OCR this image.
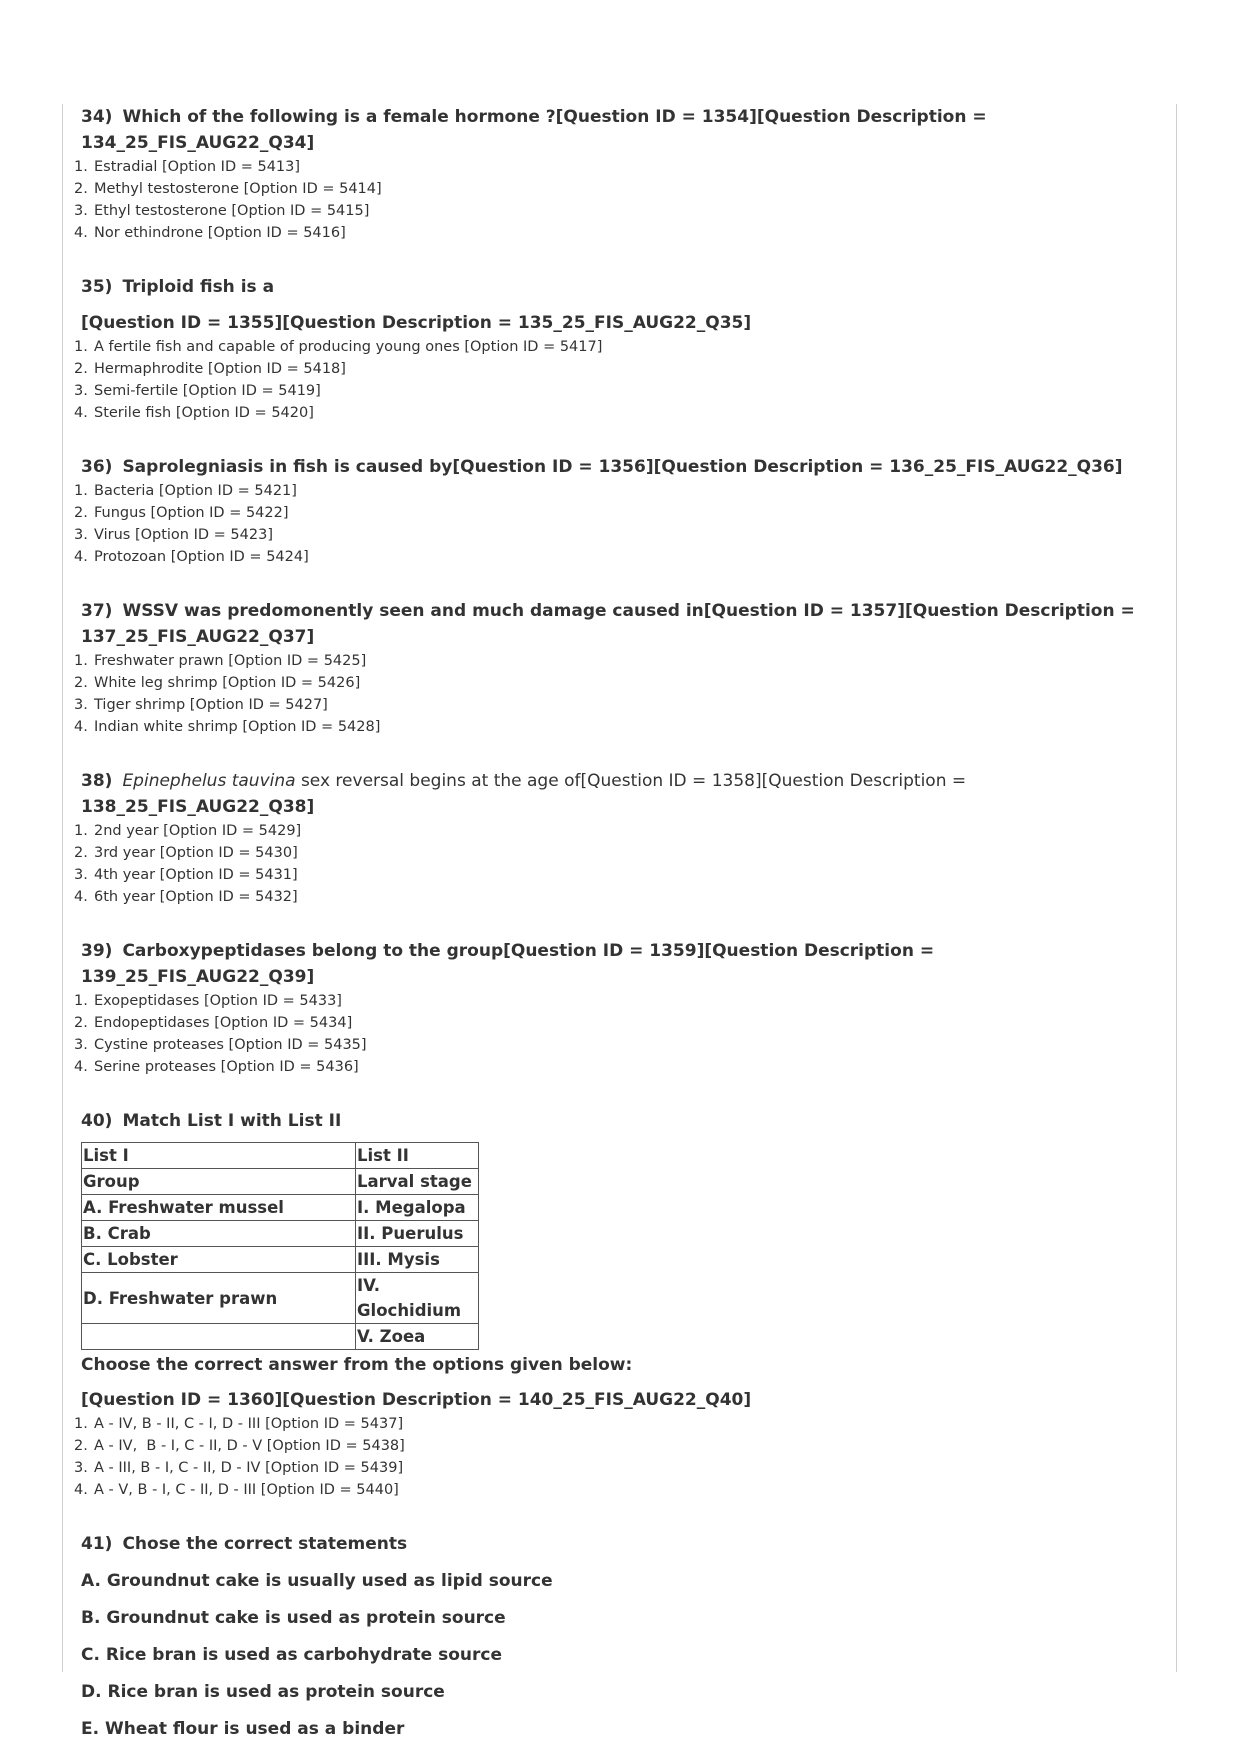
34) Which of the following is a female hormone ?[Question ID = 1354][Question Description = 134_25_FIS_AUG22_Q34]
1. Estradial [Option ID = 5413]
2. Methyl testosterone [Option ID = 5414]
3. Ethyl testosterone [Option ID = 5415]
4. Nor ethindrone [Option ID = 5416]
35) Triploid fish is a
[Question ID = 1355][Question Description = 135_25_FIS_AUG22_Q35]
1. A fertile fish and capable of producing young ones [Option ID = 5417]
2. Hermaphrodite [Option ID = 5418]
3. Semi-fertile [Option ID = 5419]
4. Sterile fish [Option ID = 5420]
36) Saprolegniasis in fish is caused by[Question ID = 1356][Question Description = 136_25_FIS_AUG22_Q36]
1. Bacteria [Option ID = 5421]
2. Fungus [Option ID = 5422]
3. Virus [Option ID = 5423]
4. Protozoan [Option ID = 5424]
37) WSSV was predomonently seen and much damage caused in[Question ID = 1357][Question Description =
137_25_FIS_AUG22_Q37]
1. Freshwater prawn [Option ID = 5425]
2. White leg shrimp [Option ID = 5426]
3. Tiger shrimp [Option ID = 5427]
4. Indian white shrimp [Option ID = 5428]
38) Epinephelus tauvina sex reversal begins at the age of[Question ID = 1358][Question Description =
138_25_FIS_AUG22_Q38]
1. 2nd year [Option ID = 5429]
2. 3rd year [Option ID = 5430]
3. 4th year [Option ID = 5431]
4. 6th year [Option ID = 5432]
39) Carboxypeptidases belong to the group[Question ID = 1359][Question Description = 139_25_FIS_AUG22_Q39]
1. Exopeptidases [Option ID = 5433]
2. Endopeptidases [Option ID = 5434]
3. Cystine proteases [Option ID = 5435]
4. Serine proteases [Option ID = 5436]
40) Match List I with List II
List I	List II
Group	Larval stage
A. Freshwater mussel	I. Megalopa
B. Crab	II. Puerulus
C. Lobster	III. Mysis
D. Freshwater prawn	IV. Glochidium
	V. Zoea
Choose the correct answer from the options given below:
[Question ID = 1360][Question Description = 140_25_FIS_AUG22_Q40]
1. A - IV, B - II, C - I, D - III [Option ID = 5437]
2. A - IV,  B - I, C - II, D - V [Option ID = 5438]
3. A - III, B - I, C - II, D - IV [Option ID = 5439]
4. A - V, B - I, C - II, D - III [Option ID = 5440]
41) Chose the correct statements
A. Groundnut cake is usually used as lipid source
B. Groundnut cake is used as protein source
C. Rice bran is used as carbohydrate source
D. Rice bran is used as protein source
E. Wheat flour is used as a binder
